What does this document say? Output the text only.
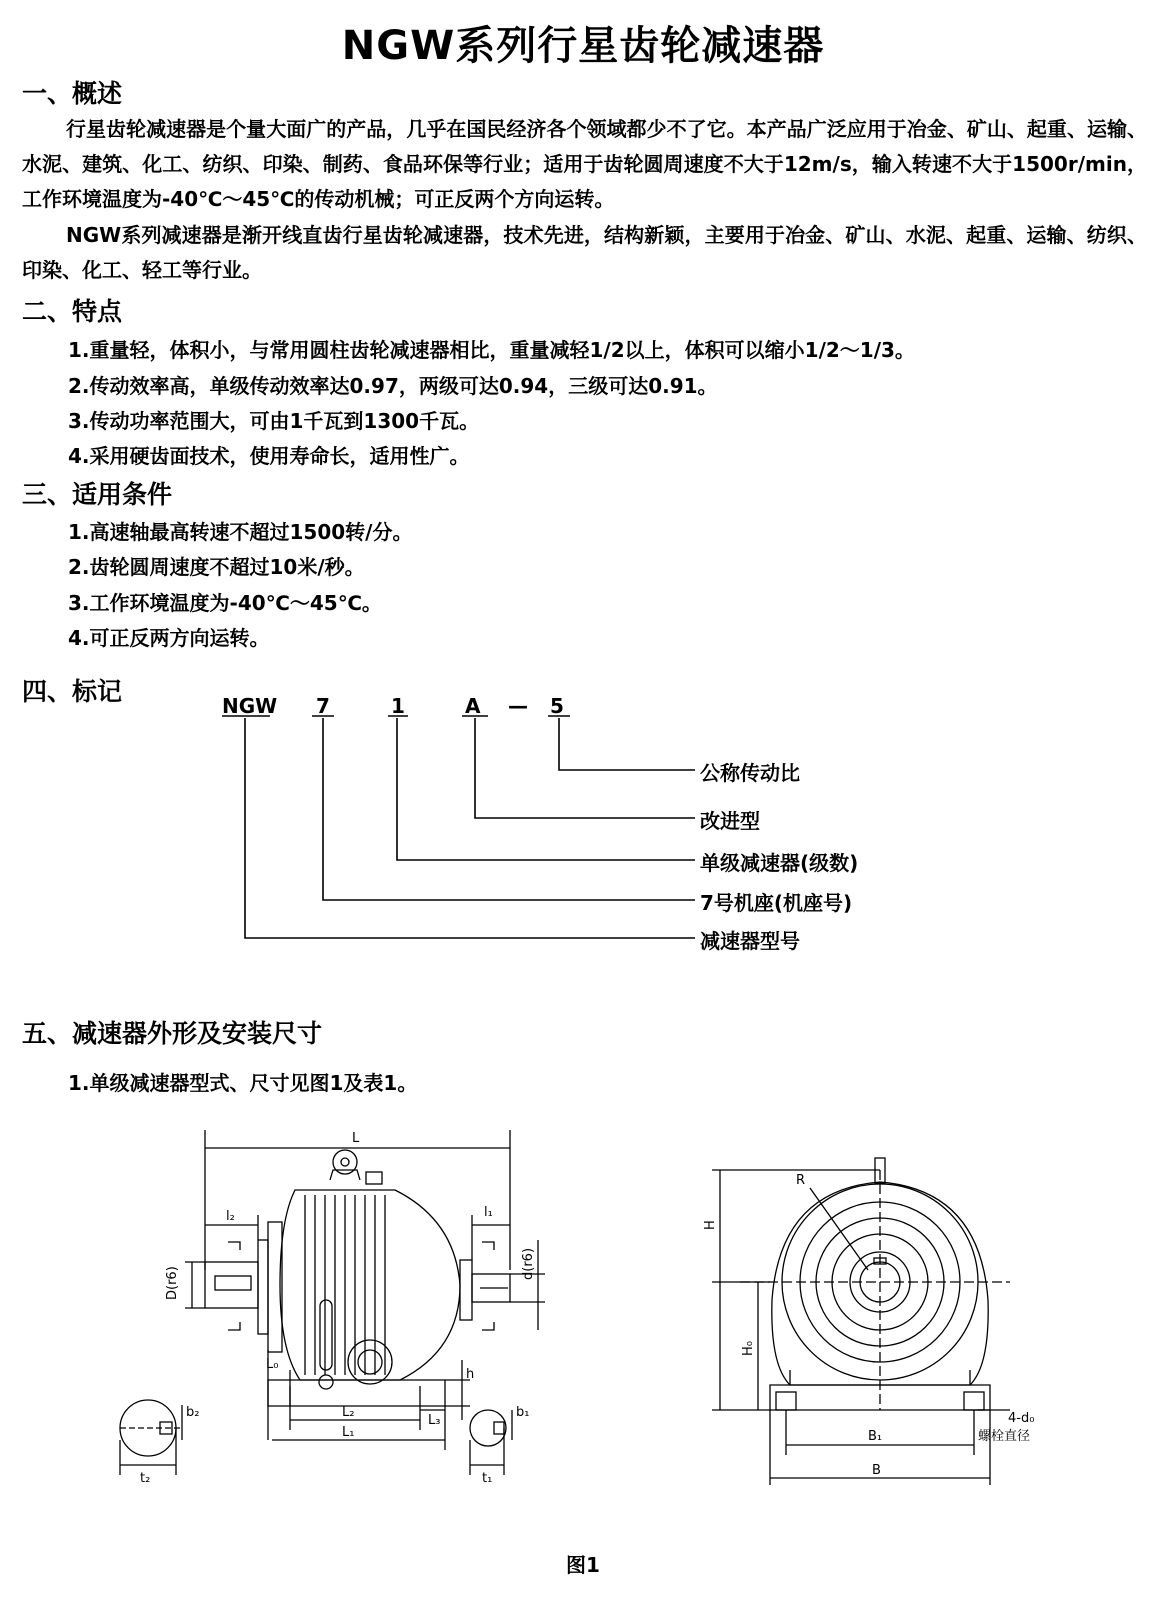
NGW系列行星齿轮减速器
一、概述
行星齿轮减速器是个量大面广的产品，几乎在国民经济各个领域都少不了它。本产品广泛应用于冶金、矿山、起重、运输、水泥、建筑、化工、纺织、印染、制药、食品环保等行业；适用于齿轮圆周速度不大于12m/s，输入转速不大于1500r/min，工作环境温度为-40℃～45℃的传动机械；可正反两个方向运转。
NGW系列减速器是渐开线直齿行星齿轮减速器，技术先进，结构新颖，主要用于冶金、矿山、水泥、起重、运输、纺织、印染、化工、轻工等行业。
二、特点
1.重量轻，体积小，与常用圆柱齿轮减速器相比，重量减轻1/2以上，体积可以缩小1/2～1/3。
2.传动效率高，单级传动效率达0.97，两级可达0.94，三级可达0.91。
3.传动功率范围大，可由1千瓦到1300千瓦。
4.采用硬齿面技术，使用寿命长，适用性广。
三、适用条件
1.高速轴最高转速不超过1500转/分。
2.齿轮圆周速度不超过10米/秒。
3.工作环境温度为-40℃～45℃。
4.可正反两方向运转。
四、标记	NGW 7	1	A — 5
公称传动比
改进型
单级减速器(级数)
7号机座(机座号)
减速器型号
五、减速器外形及安装尺寸
1.单级减速器型式、尺寸见图1及表1。
L
l₂	l₁
D(r6)
d(r6)
L₀
h
L₂
L₁
L₃
b₂
t₂
b₁
t₁
R
H
H₀
B₁
B
4-d₀
螺栓直径
图1
